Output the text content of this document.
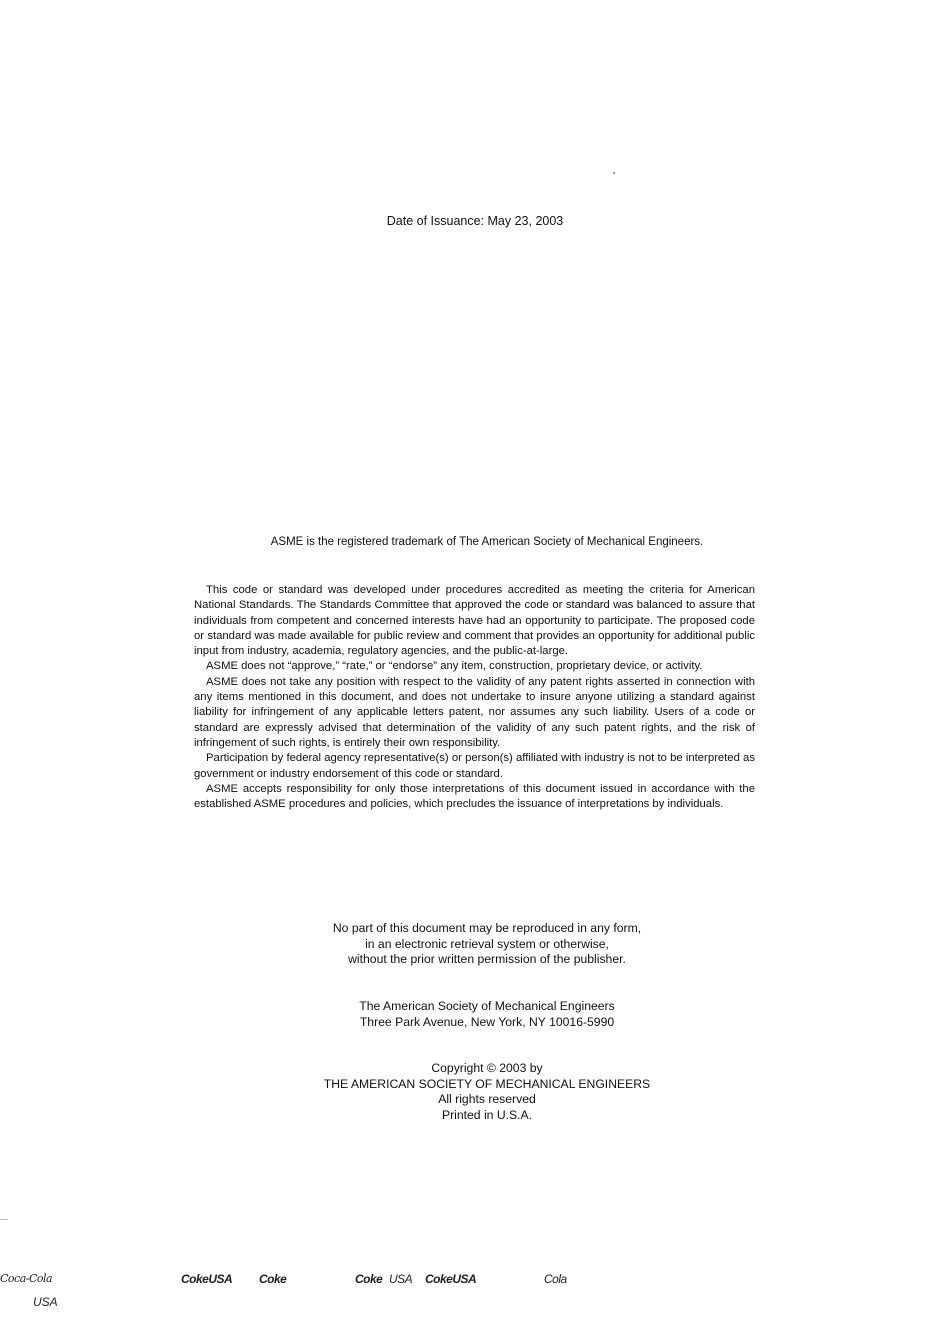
Date of Issuance: May 23, 2003
ASME is the registered trademark of The American Society of Mechanical Engineers.

This code or standard was developed under procedures accredited as meeting the criteria for American National Standards. The Standards Committee that approved the code or standard was balanced to assure that individuals from competent and concerned interests have had an opportunity to participate. The proposed code or standard was made available for public review and comment that provides an opportunity for additional public input from industry, academia, regulatory agencies, and the public-at-large.

ASME does not “approve,” “rate,” or “endorse” any item, construction, proprietary device, or activity.

ASME does not take any position with respect to the validity of any patent rights asserted in connection with any items mentioned in this document, and does not undertake to insure anyone utilizing a standard against liability for infringement of any applicable letters patent, nor assumes any such liability. Users of a code or standard are expressly advised that determination of the validity of any such patent rights, and the risk of infringement of such rights, is entirely their own responsibility.

Participation by federal agency representative(s) or person(s) affiliated with industry is not to be interpreted as government or industry endorsement of this code or standard.

ASME accepts responsibility for only those interpretations of this document issued in accordance with the established ASME procedures and policies, which precludes the issuance of interpretations by individuals.

No part of this document may be reproduced in any form,
in an electronic retrieval system or otherwise,
without the prior written permission of the publisher.
The American Society of Mechanical Engineers
Three Park Avenue, New York, NY 10016-5990
Copyright © 2003 by
THE AMERICAN SOCIETY OF MECHANICAL ENGINEERS
All rights reserved
Printed in U.S.A.
Coca-Cola	CokeUSA Coke	Coke USA CokeUSA	Cola
USA
